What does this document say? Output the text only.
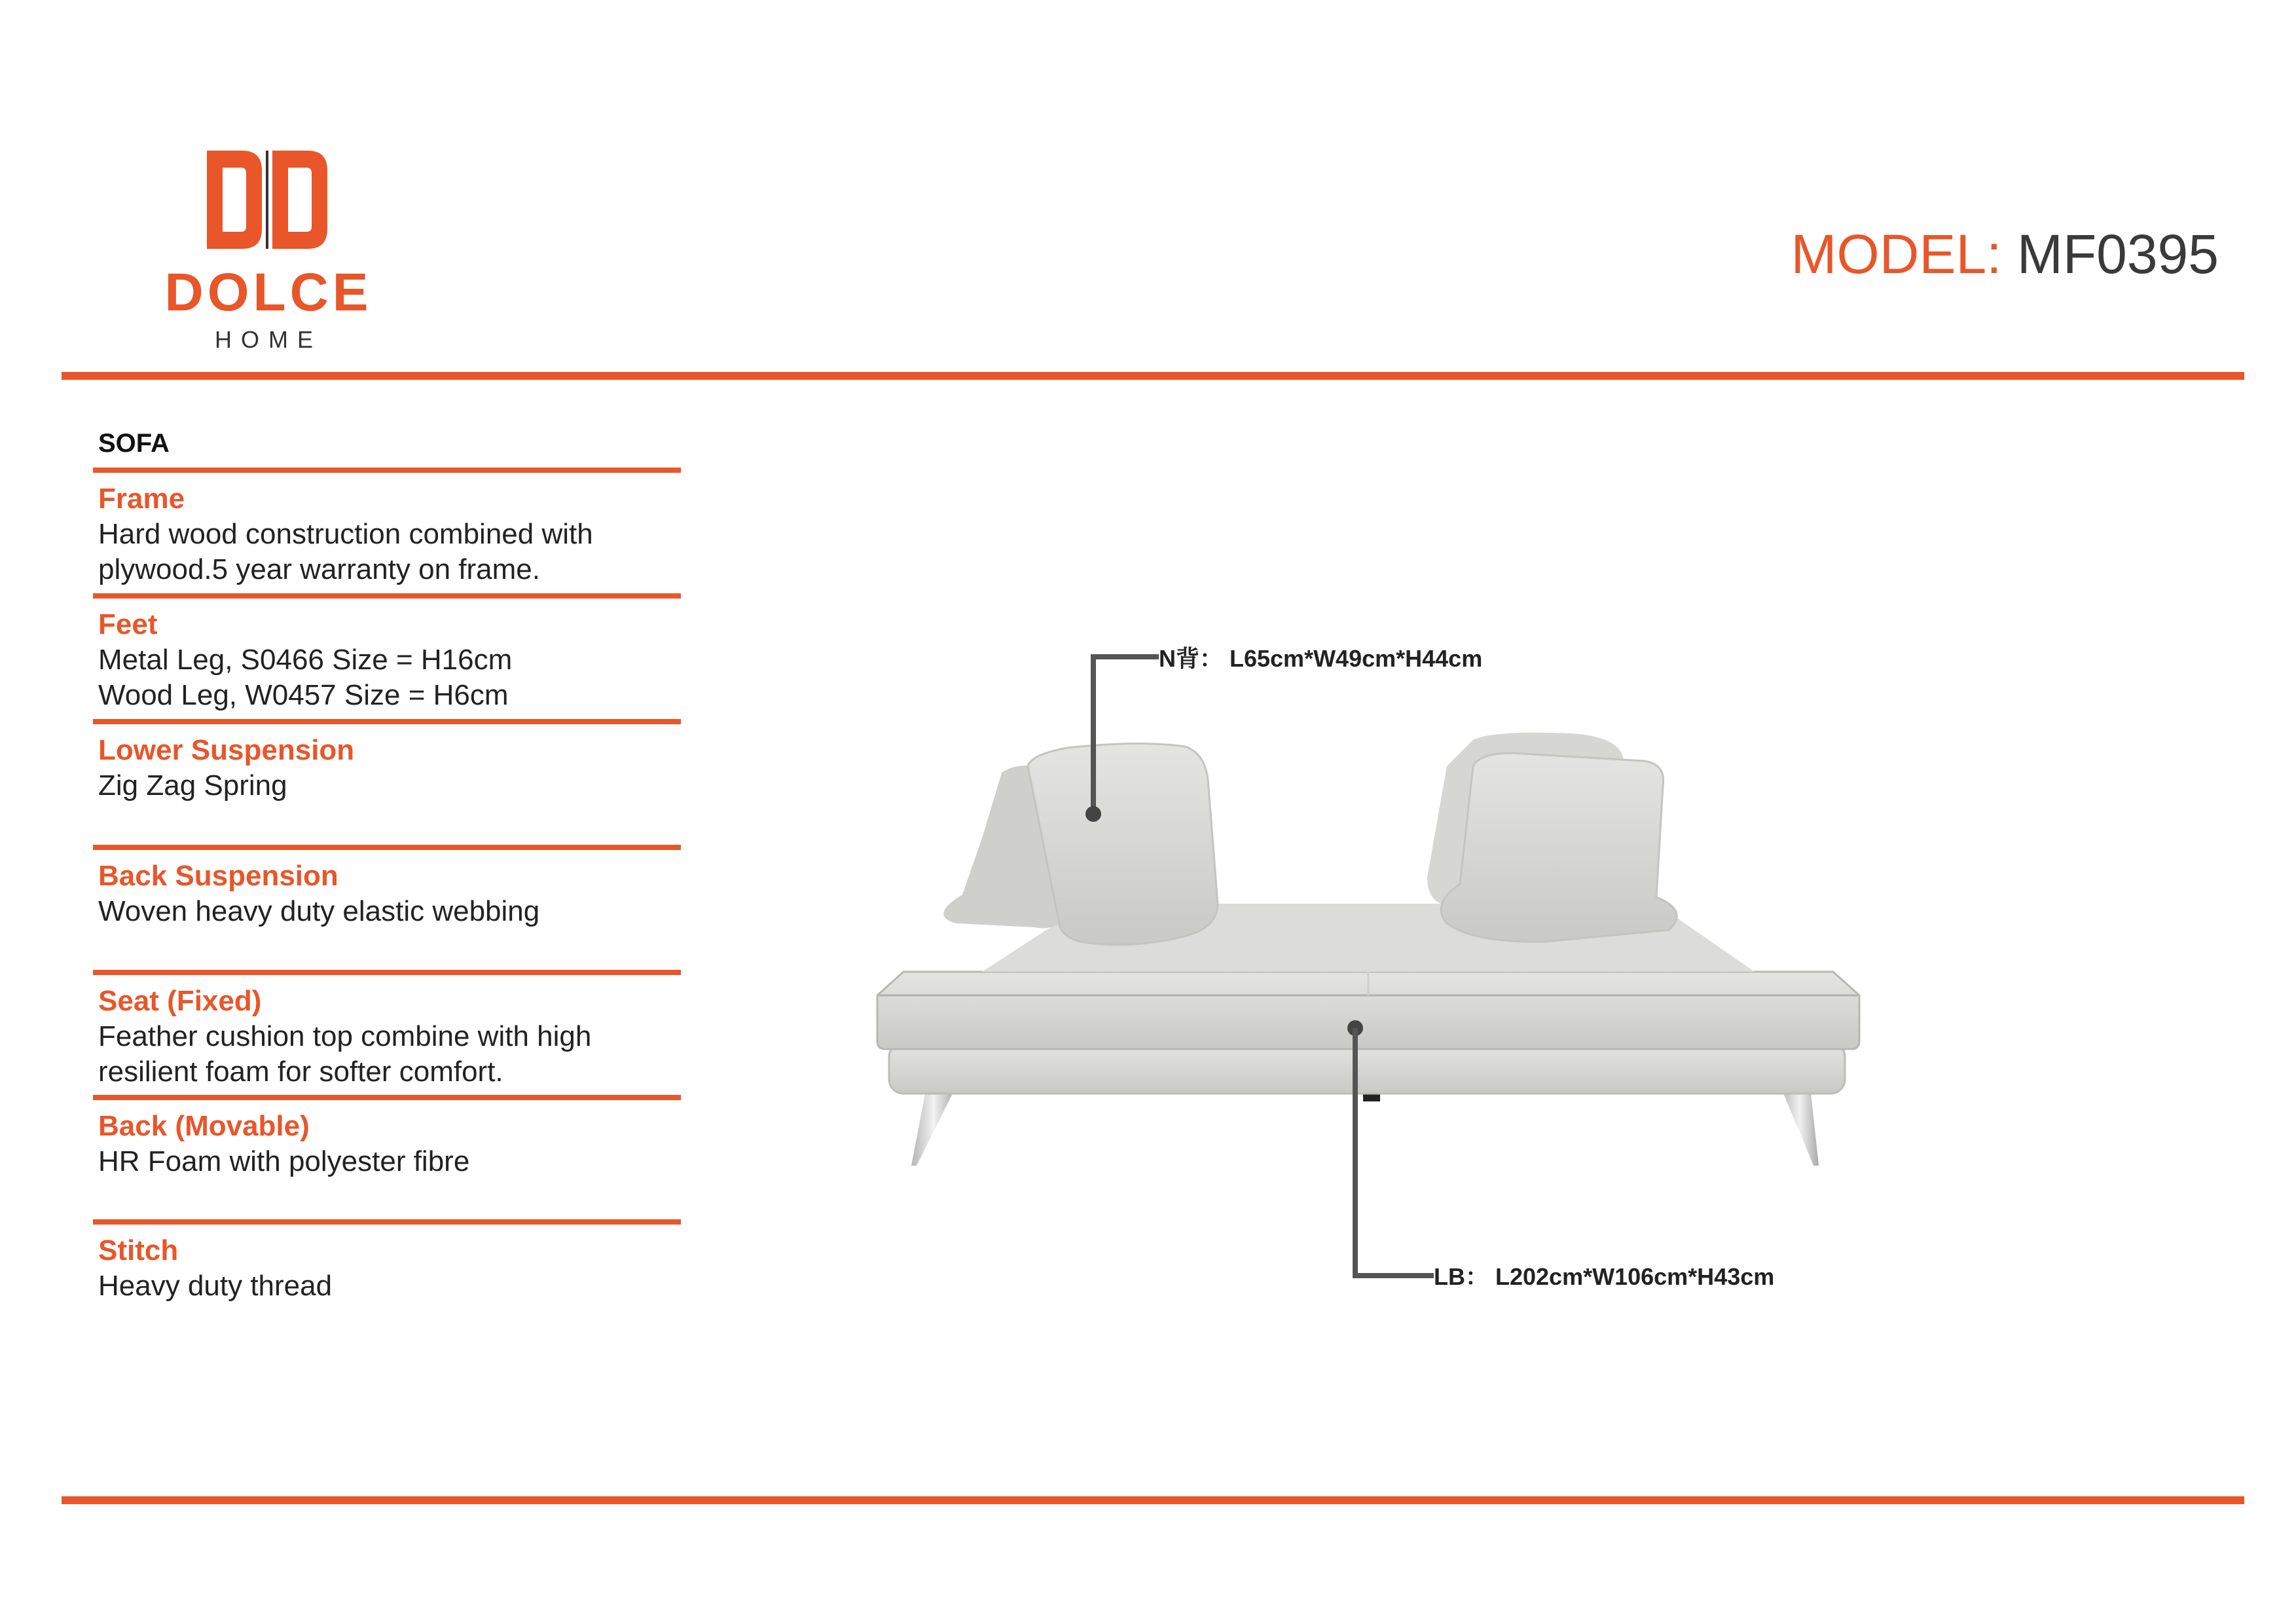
DOLCE
HOME
MODEL: MF0395
SOFA
Frame
Hard wood construction combined with
plywood.5 year warranty on frame.
Feet
Metal Leg, S0466 Size = H16cm
Wood Leg, W0457 Size = H6cm
Lower Suspension
Zig Zag Spring
Back Suspension
Woven heavy duty elastic webbing
Seat (Fixed)
Feather cushion top combine with high
resilient foam for softer comfort.
Back (Movable)
HR Foam with polyester fibre
Stitch
Heavy duty thread
N背： L65cm*W49cm*H44cm
LB： L202cm*W106cm*H43cm
